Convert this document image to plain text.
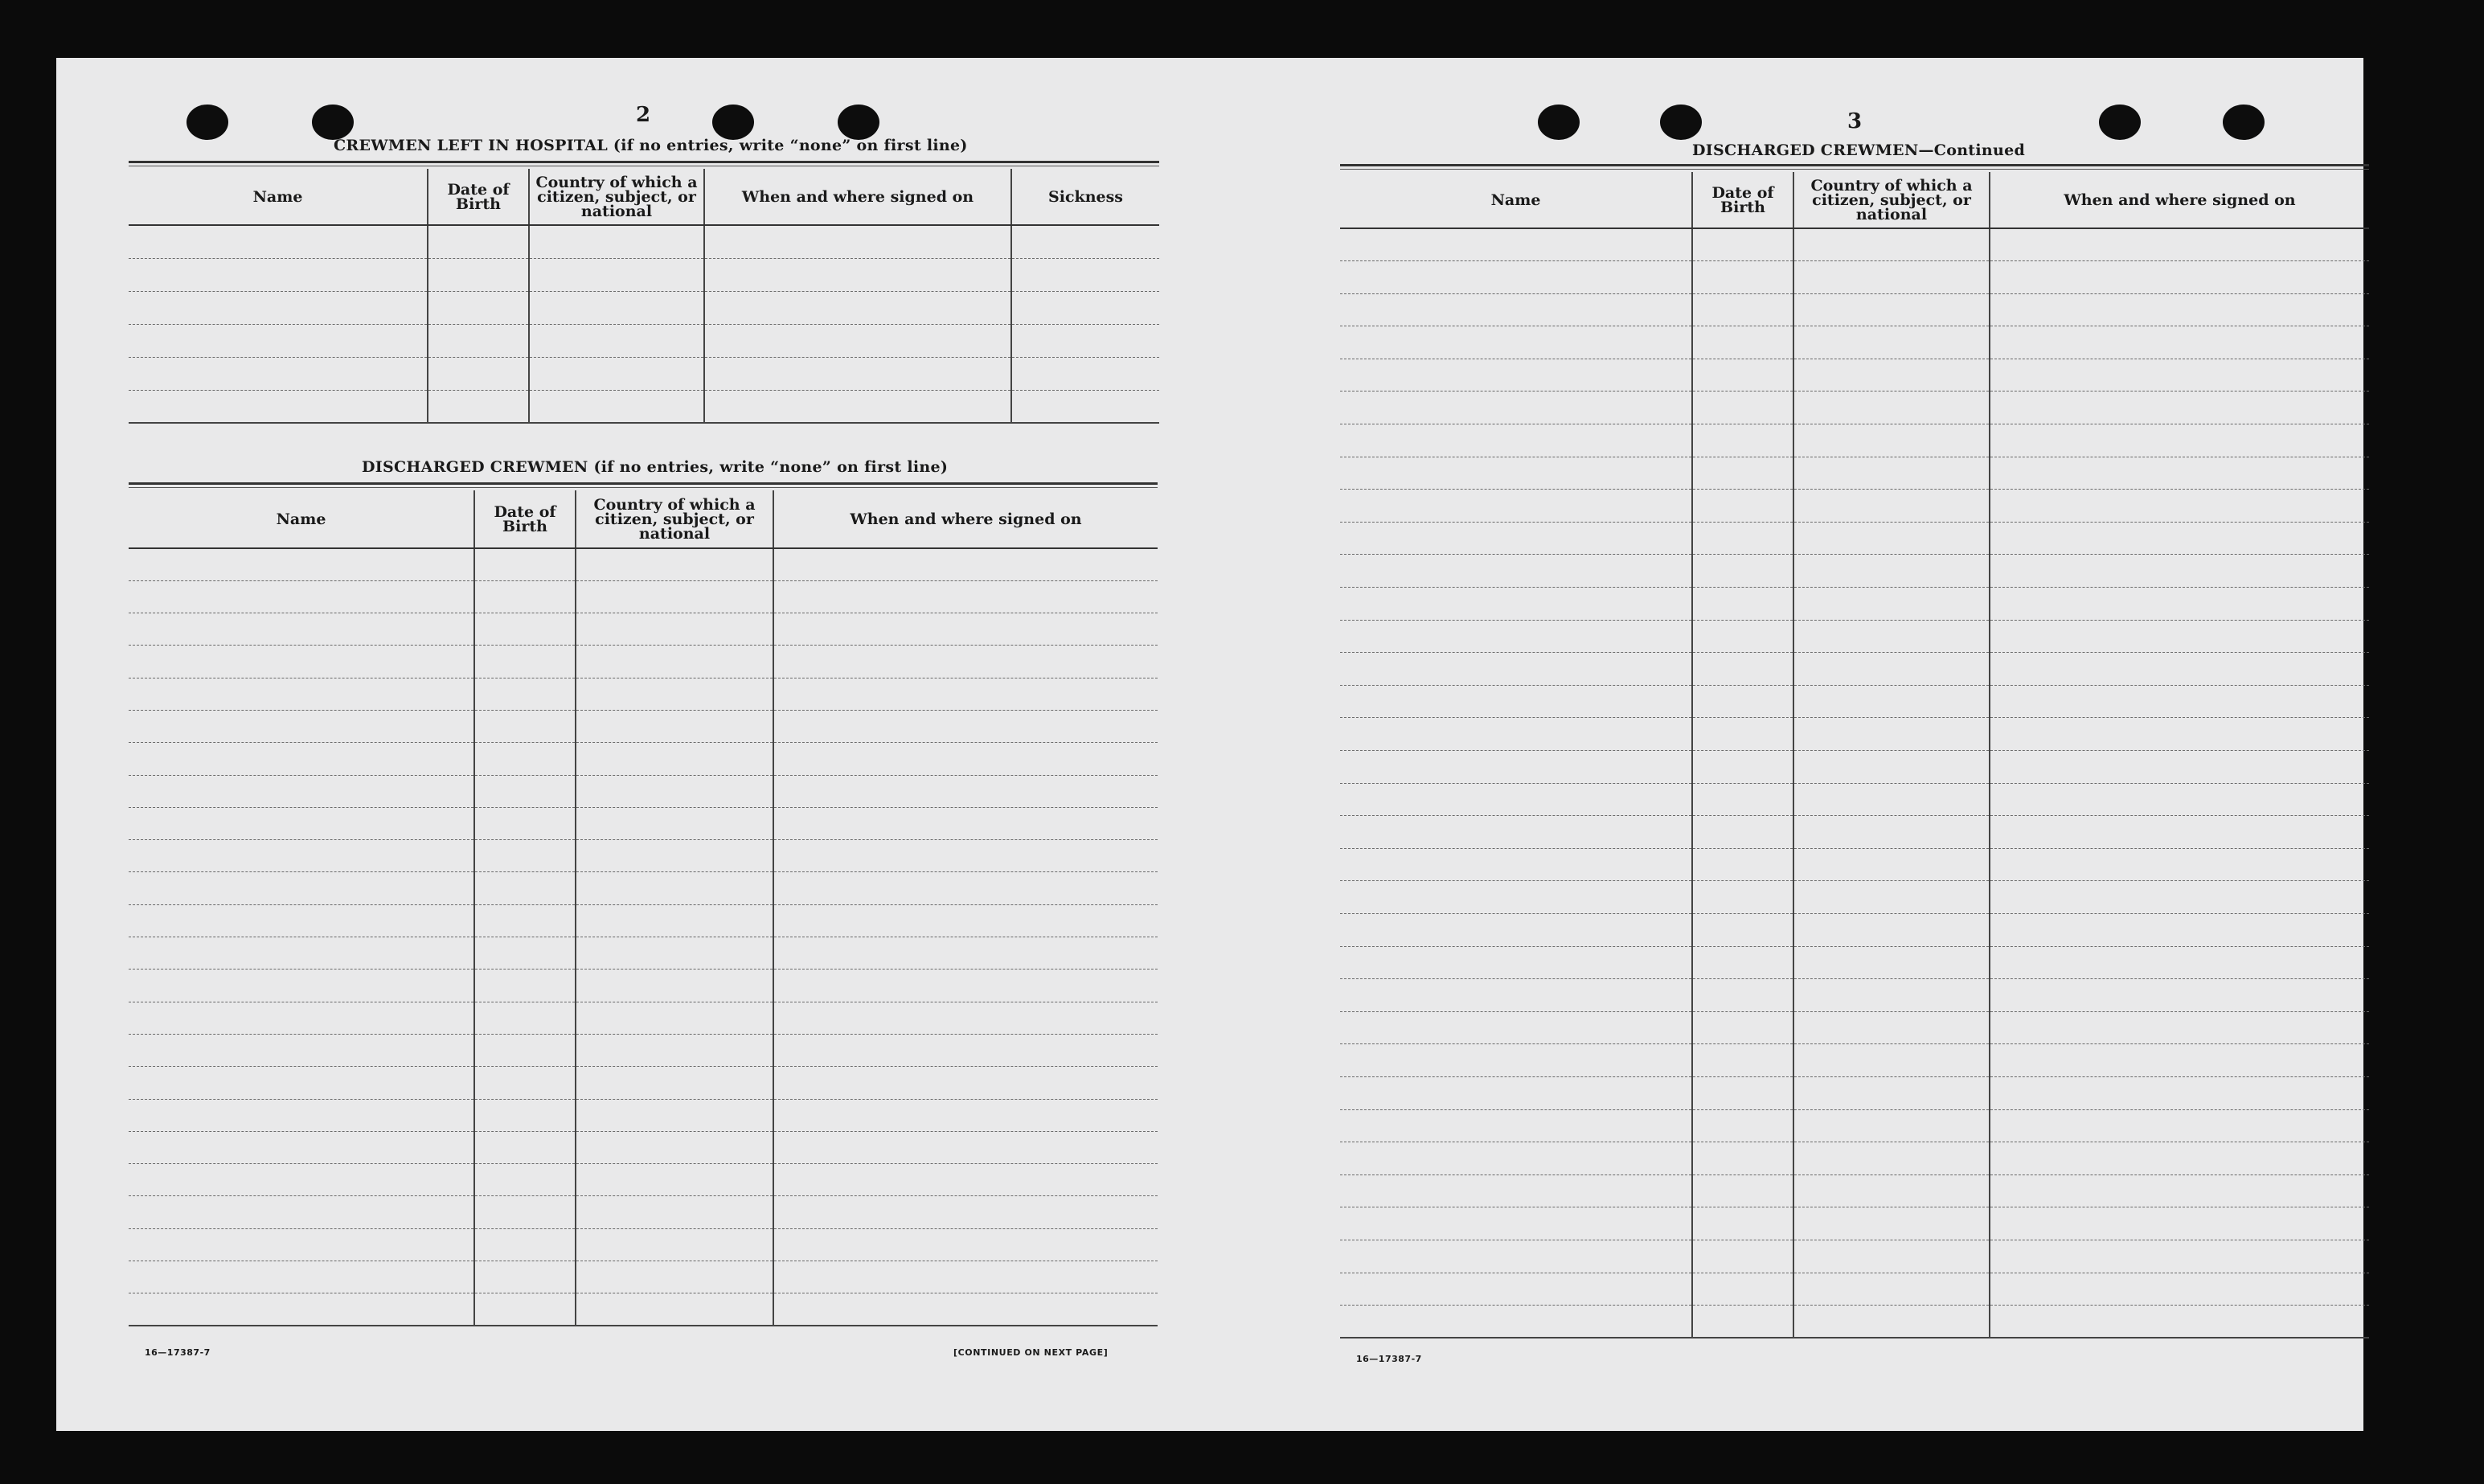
2
CREWMEN LEFT IN HOSPITAL (if no entries, write “none” on first line)
Name	Date of Birth	Country of which a citizen, subject, or national	When and where signed on	Sickness

DISCHARGED CREWMEN (if no entries, write “none” on first line)
Name	Date of Birth	Country of which a citizen, subject, or national	When and where signed on

16—17387-7	[CONTINUED ON NEXT PAGE]
3
DISCHARGED CREWMEN—Continued
Name	Date of Birth	Country of which a citizen, subject, or national	When and where signed on

16—17387-7
